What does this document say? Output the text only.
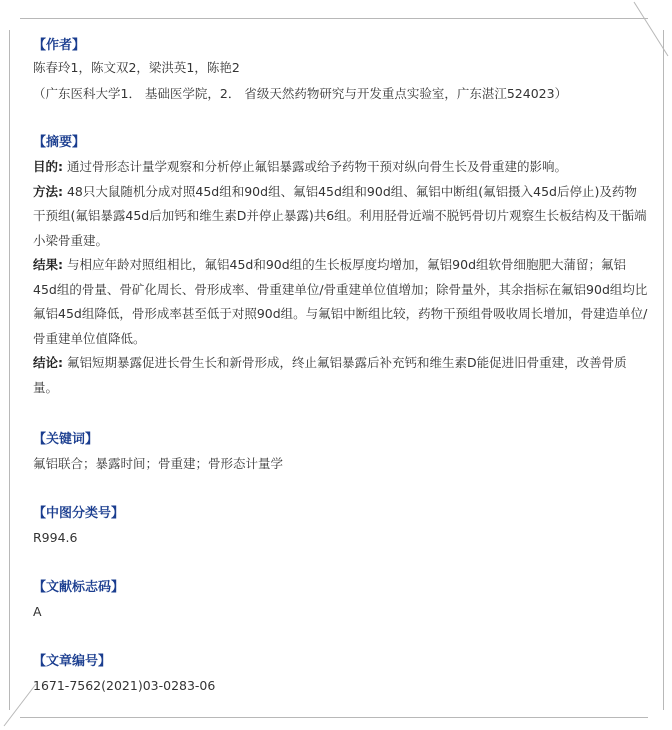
【作者】
陈春玲1，陈文双2，梁洪英1，陈艳2
（广东医科大学1． 基础医学院，2． 省级天然药物研究与开发重点实验室，广东湛江524023）
【摘要】

目的: 通过骨形态计量学观察和分析停止氟铝暴露或给予药物干预对纵向骨生长及骨重建的影响。

方法: 48只大鼠随机分成对照45d组和90d组、氟铝45d组和90d组、氟铝中断组(氟铝摄入45d后停止)及药物干预组(氟铝暴露45d后加钙和维生素D并停止暴露)共6组。利用胫骨近端不脱钙骨切片观察生长板结构及干骺端小梁骨重建。

结果: 与相应年龄对照组相比，氟铝45d和90d组的生长板厚度均增加，氟铝90d组软骨细胞肥大蒲留；氟铝45d组的骨量、骨矿化周长、骨形成率、骨重建单位/骨重建单位值增加；除骨量外，其余指标在氟铝90d组均比氟铝45d组降低，骨形成率甚至低于对照90d组。与氟铝中断组比较，药物干预组骨吸收周长增加，骨建造单位/骨重建单位值降低。

结论: 氟铝短期暴露促进长骨生长和新骨形成，终止氟铝暴露后补充钙和维生素D能促进旧骨重建，改善骨质量。

【关键词】
氟铝联合；暴露时间；骨重建；骨形态计量学
【中图分类号】
R994.6
【文献标志码】
A
【文章编号】
1671-7562(2021)03-0283-06
